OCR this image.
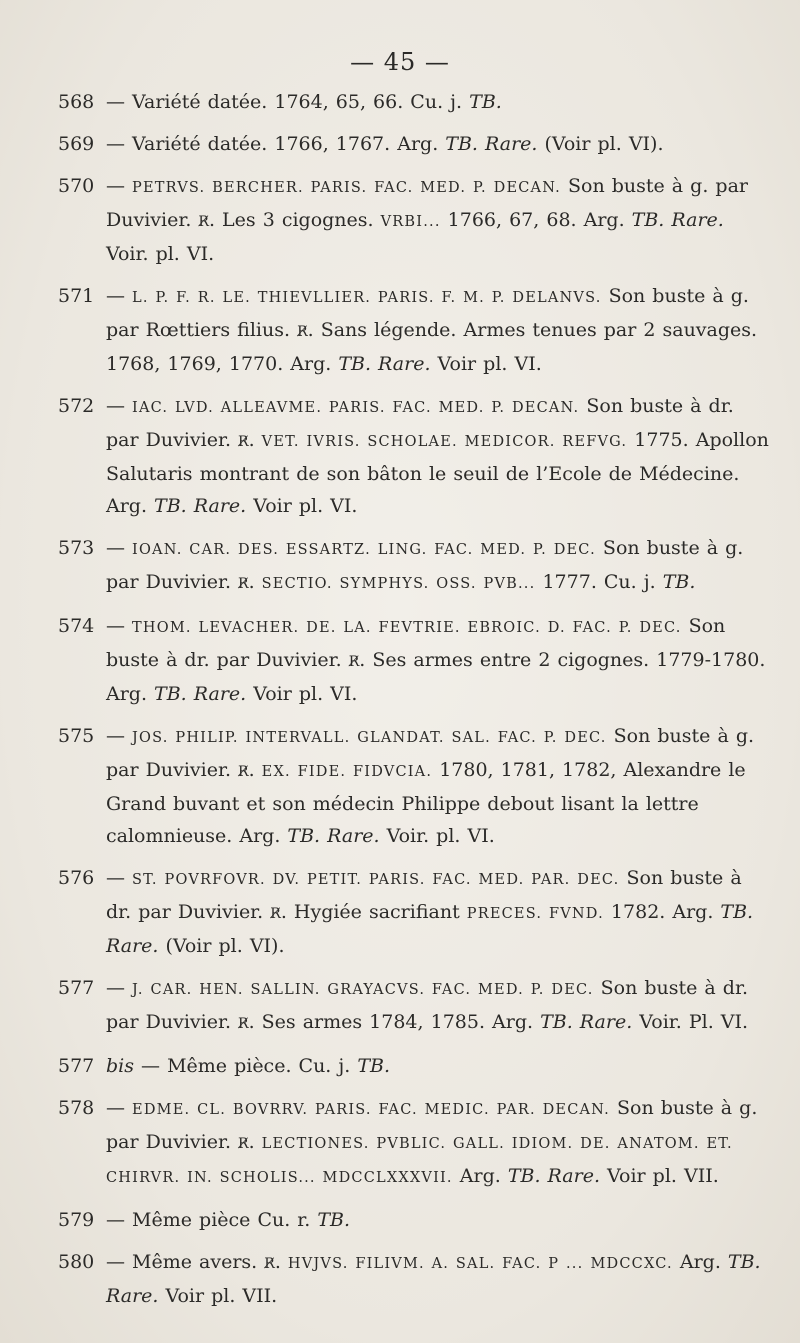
— 45 —
568 — Variété datée. 1764, 65, 66. Cu. j. TB.
569 — Variété datée. 1766, 1767. Arg. TB. Rare. (Voir pl. VI).
570 — PETRVS. BERCHER. PARIS. FAC. MED. P. DECAN. Son buste à g. par Duvivier. R̸. Les 3 cigognes. VRBI... 1766, 67, 68. Arg. TB. Rare. Voir. pl. VI.
571 — L. P. F. R. LE. THIEVLLIER. PARIS. F. M. P. DELANVS. Son buste à g. par Rœttiers filius. R̸. Sans légende. Armes tenues par 2 sauvages. 1768, 1769, 1770. Arg. TB. Rare. Voir pl. VI.
572 — IAC. LVD. ALLEAVME. PARIS. FAC. MED. P. DECAN. Son buste à dr. par Duvivier. R̸. VET. IVRIS. SCHOLAE. MEDICOR. REFVG. 1775. Apollon Salutaris montrant de son bâton le seuil de l’Ecole de Médecine. Arg. TB. Rare. Voir pl. VI.
573 — IOAN. CAR. DES. ESSARTZ. LING. FAC. MED. P. DEC. Son buste à g. par Duvivier. R̸. SECTIO. SYMPHYS. OSS. PVB... 1777. Cu. j. TB.
574 — THOM. LEVACHER. DE. LA. FEVTRIE. EBROIC. D. FAC. P. DEC. Son buste à dr. par Duvivier. R̸. Ses armes entre 2 cigognes. 1779-1780. Arg. TB. Rare. Voir pl. VI.
575 — JOS. PHILIP. INTERVALL. GLANDAT. SAL. FAC. P. DEC. Son buste à g. par Duvivier. R̸. EX. FIDE. FIDVCIA. 1780, 1781, 1782, Alexandre le Grand buvant et son médecin Philippe debout lisant la lettre calomnieuse. Arg. TB. Rare. Voir. pl. VI.
576 — ST. POVRFOVR. DV. PETIT. PARIS. FAC. MED. PAR. DEC. Son buste à dr. par Duvivier. R̸. Hygiée sacrifiant PRECES. FVND. 1782. Arg. TB. Rare. (Voir pl. VI).
577 — J. CAR. HEN. SALLIN. GRAYACVS. FAC. MED. P. DEC. Son buste à dr. par Duvivier. R̸. Ses armes 1784, 1785. Arg. TB. Rare. Voir. Pl. VI.
577 bis — Même pièce. Cu. j. TB.
578 — EDME. CL. BOVRRV. PARIS. FAC. MEDIC. PAR. DECAN. Son buste à g. par Duvivier. R̸. LECTIONES. PVBLIC. GALL. IDIOM. DE. ANATOM. ET. CHIRVR. IN. SCHOLIS... MDCCLXXXVII. Arg. TB. Rare. Voir pl. VII.
579 — Même pièce Cu. r. TB.
580 — Même avers. R̸. HVJVS. FILIVM. A. SAL. FAC. P ... MDCCXC. Arg. TB. Rare. Voir pl. VII.
